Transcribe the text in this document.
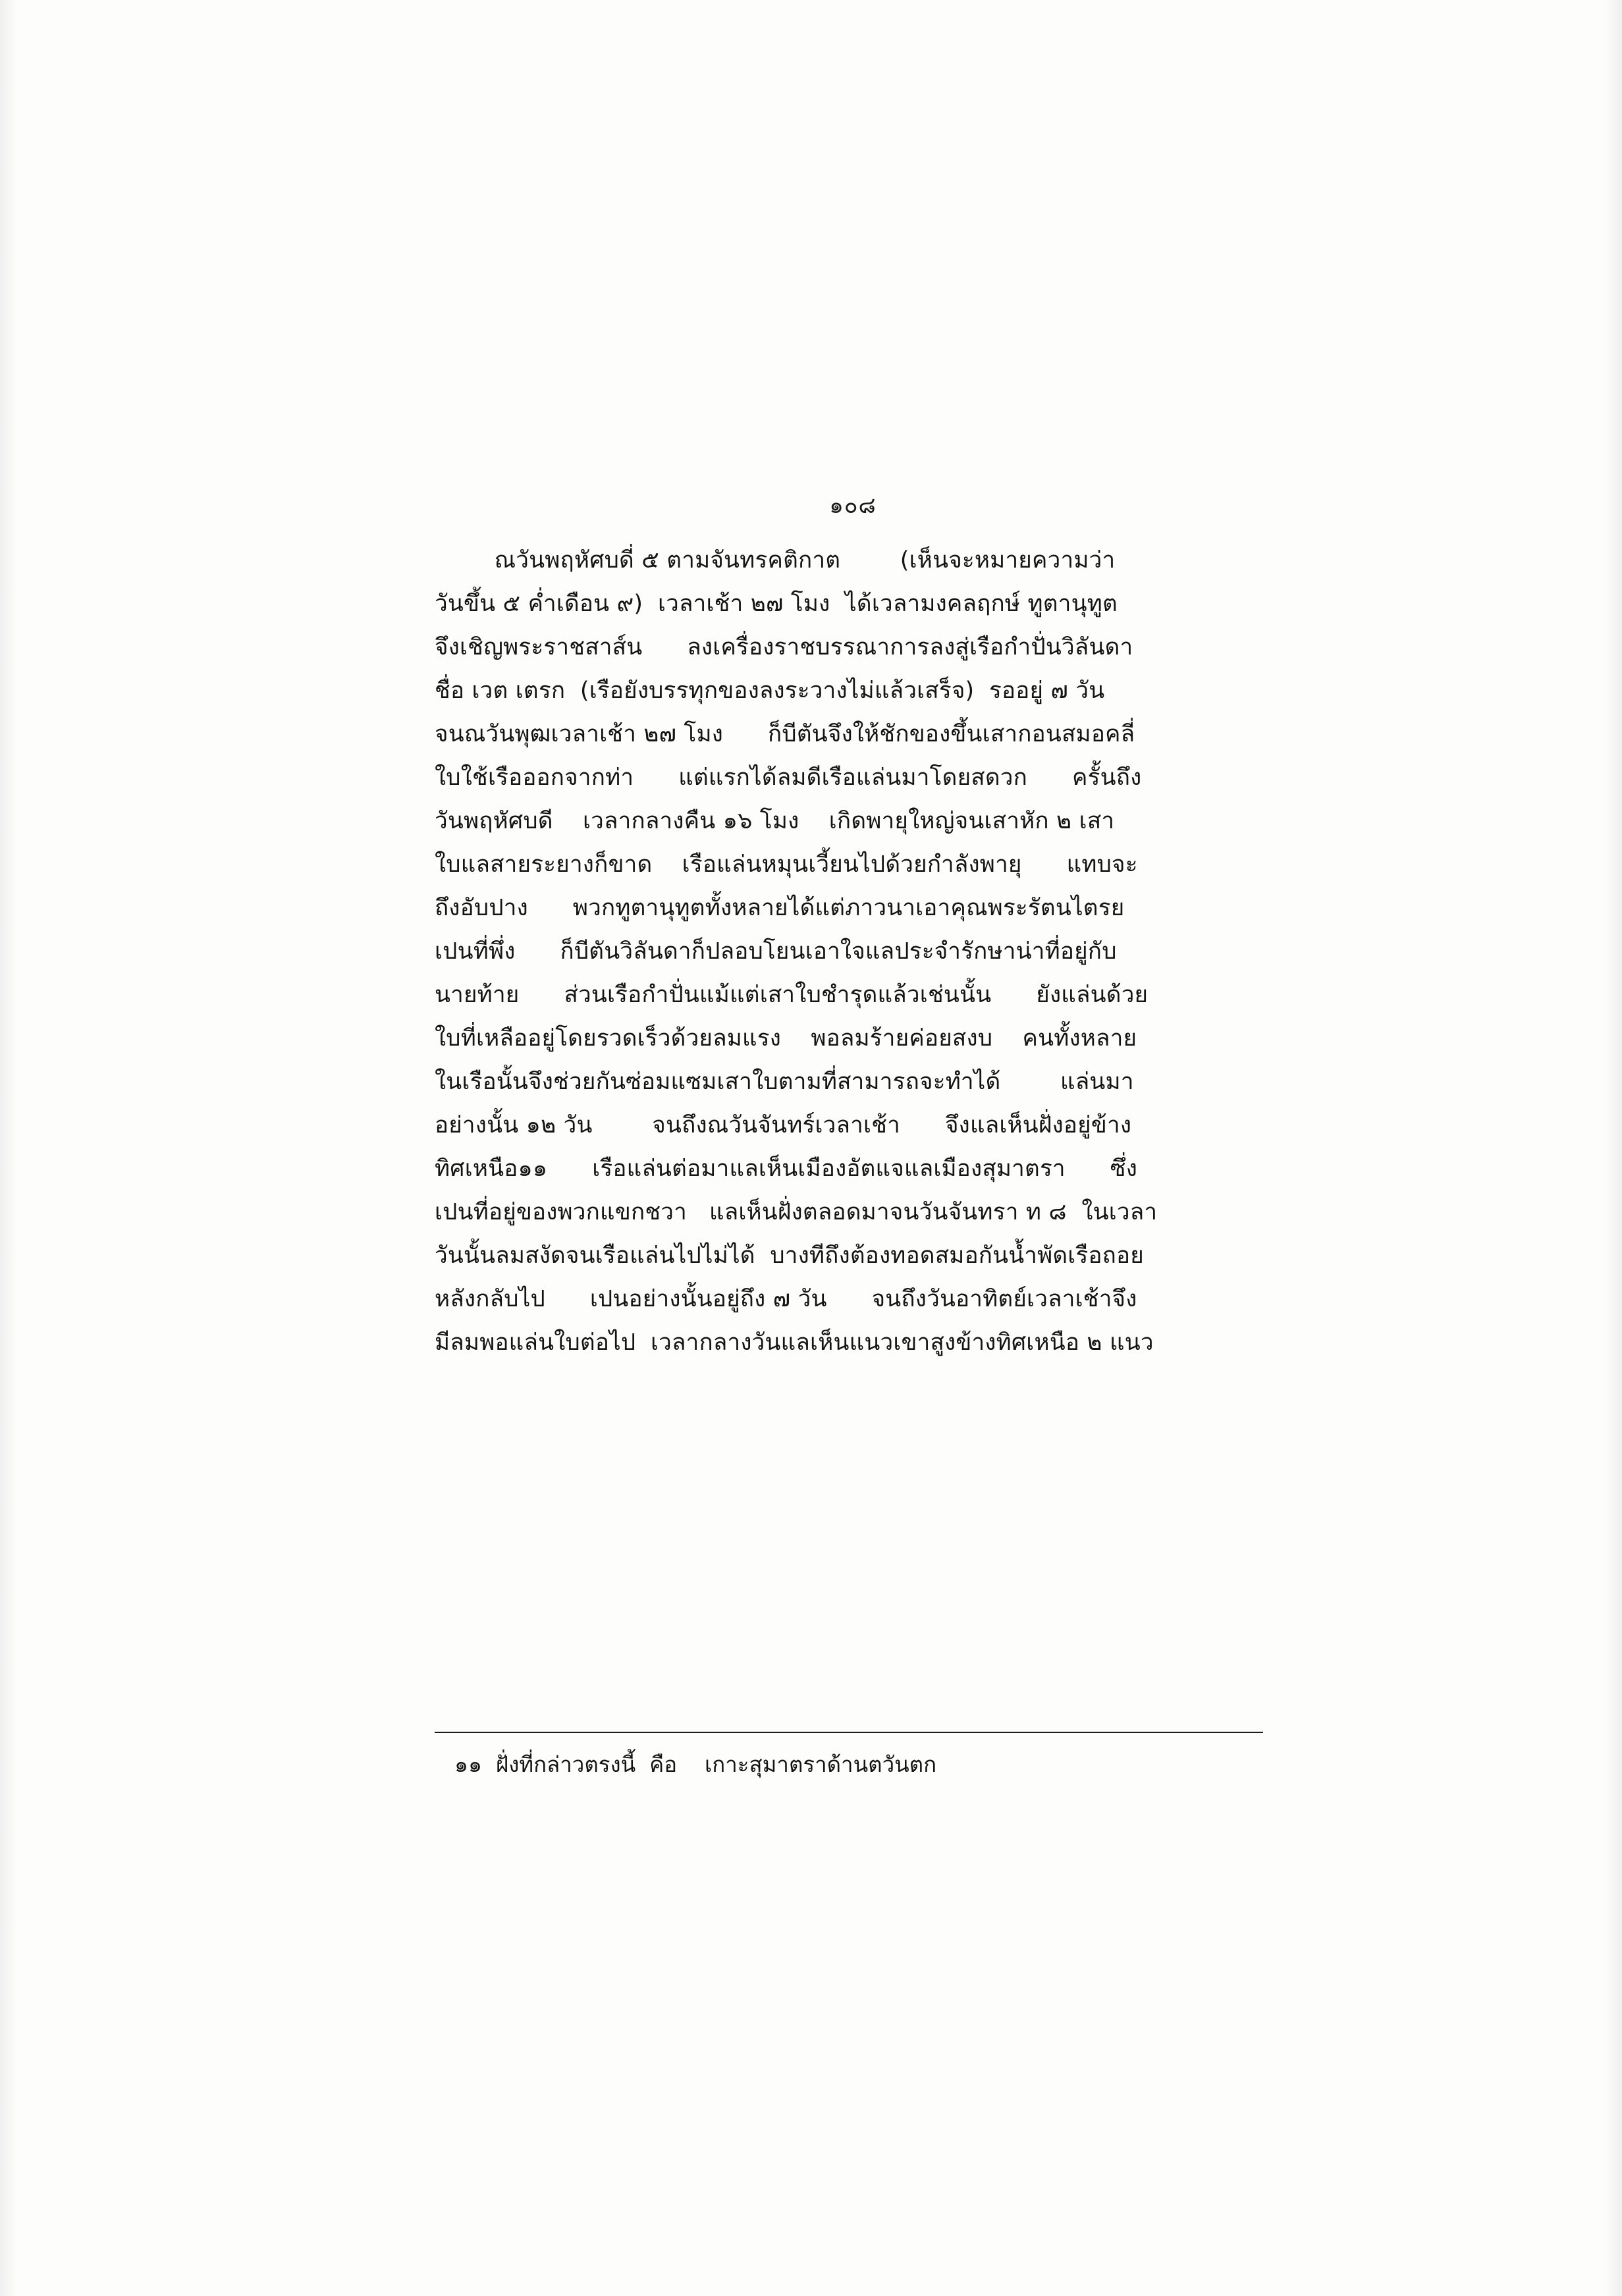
๑๐๘
ณวันพฤหัศบดี่ ๕ ตามจันทรคติกาต        (เห็นจะหมายความว่า
วันขึ้น ๕ ค่ำเดือน ๙)  เวลาเช้า ๒๗ โมง  ได้เวลามงคลฤกษ์ ทูตานุทูต
จึงเชิญพระราชสาส์น      ลงเครื่องราชบรรณาการลงสู่เรือกำปั่นวิลันดา
ชื่อ เวต เตรก  (เรือยังบรรทุกของลงระวางไม่แล้วเสร็จ)  รออยู่ ๗ วัน
จนณวันพุฒเวลาเช้า ๒๗ โมง      ก็บีตันจึงให้ชักของขึ้นเสากอนสมอคลี่
ใบใช้เรือออกจากท่า      แต่แรกได้ลมดีเรือแล่นมาโดยสดวก      ครั้นถึง
วันพฤหัศบดี    เวลากลางคืน ๑๖ โมง    เกิดพายุใหญ่จนเสาหัก ๒ เสา
ใบแลสายระยางก็ขาด    เรือแล่นหมุนเวี้ยนไปด้วยกำลังพายุ      แทบจะ
ถึงอับปาง      พวกทูตานุทูตทั้งหลายได้แต่ภาวนาเอาคุณพระรัตนไตรย
เปนที่พึ่ง      ก็บีตันวิลันดาก็ปลอบโยนเอาใจแลประจำรักษาน่าที่อยู่กับ
นายท้าย      ส่วนเรือกำปั่นแม้แต่เสาใบชำรุดแล้วเช่นนั้น      ยังแล่นด้วย
ใบที่เหลืออยู่โดยรวดเร็วด้วยลมแรง    พอลมร้ายค่อยสงบ    คนทั้งหลาย
ในเรือนั้นจึงช่วยกันซ่อมแซมเสาใบตามที่สามารถจะทำได้        แล่นมา
อย่างนั้น ๑๒ วัน        จนถึงณวันจันทร์เวลาเช้า      จึงแลเห็นฝั่งอยู่ข้าง
ทิศเหนือ๑๑      เรือแล่นต่อมาแลเห็นเมืองอัตแจแลเมืองสุมาตรา      ซึ่ง
เปนที่อยู่ของพวกแขกชวา   แลเห็นฝั่งตลอดมาจนวันจันทรา ท ๘  ในเวลา
วันนั้นลมสงัดจนเรือแล่นไปไม่ได้  บางทีถึงต้องทอดสมอกันน้ำพัดเรือถอย
หลังกลับไป      เปนอย่างนั้นอยู่ถึง ๗ วัน      จนถึงวันอาทิตย์เวลาเช้าจึง
มีลมพอแล่นใบต่อไป  เวลากลางวันแลเห็นแนวเขาสูงข้างทิศเหนือ ๒ แนว
๑๑  ฝั่งที่กล่าวตรงนี้  คือ    เกาะสุมาตราด้านตวันตก
